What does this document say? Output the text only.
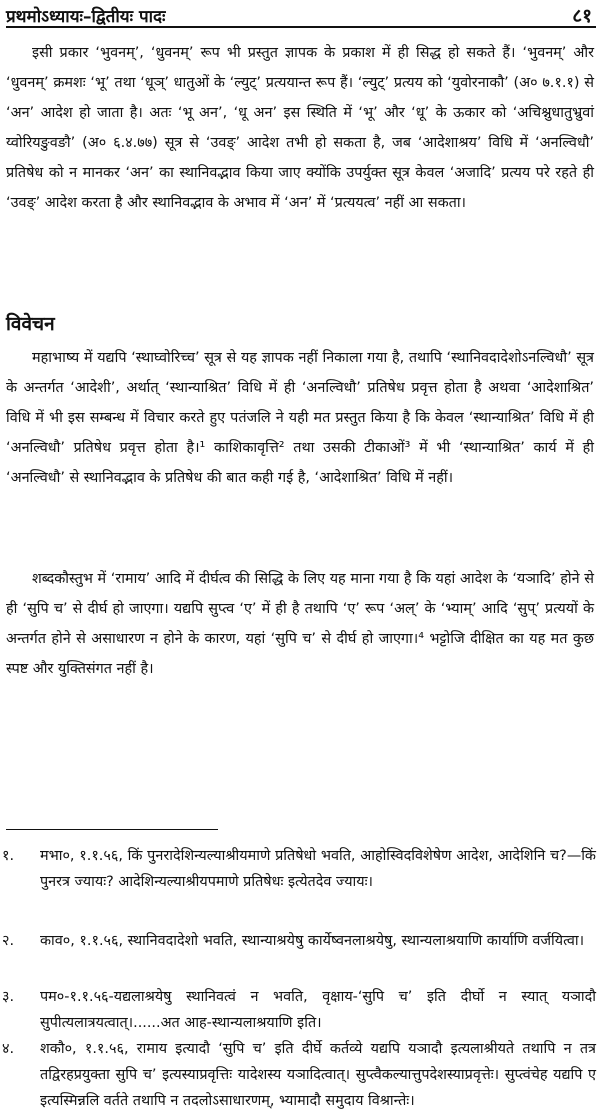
प्रथमोऽध्यायः–द्वितीयः पादः	८१

इसी प्रकार ‘भुवनम्’, ‘धुवनम्’ रूप भी प्रस्तुत ज्ञापक के प्रकाश में ही सिद्ध हो सकते हैं। ‘भुवनम्’ और ‘धुवनम्’ क्रमशः ‘भू’ तथा ‘धूञ्’ धातुओं के ‘ल्युट्’ प्रत्ययान्त रूप हैं। ‘ल्युट्’ प्रत्यय को ‘युवोरनाकौ’ (अ० ७.१.१) से ‘अन’ आदेश हो जाता है। अतः ‘भू अन’, ‘धू अन’ इस स्थिति में ‘भू’ और ‘धू’ के ऊकार को ‘अचिश्नुधातुभ्रुवां य्वोरियङुवङौ’ (अ० ६.४.७७) सूत्र से ‘उवङ्’ आदेश तभी हो सकता है, जब ‘आदेशाश्रय’ विधि में ‘अनल्विधौ’ प्रतिषेध को न मानकर ‘अन’ का स्थानिवद्भाव किया जाए क्योंकि उपर्युक्त सूत्र केवल ‘अजादि’ प्रत्यय परे रहते ही ‘उवङ्’ आदेश करता है और स्थानिवद्भाव के अभाव में ‘अन’ में ‘प्रत्ययत्व’ नहीं आ सकता।

विवेचन

महाभाष्य में यद्यपि ‘स्थाघ्वोरिच्च’ सूत्र से यह ज्ञापक नहीं निकाला गया है, तथापि ‘स्थानिवदादेशोऽनल्विधौ’ सूत्र के अन्तर्गत ‘आदेशी’, अर्थात् ‘स्थान्याश्रित’ विधि में ही ‘अनल्विधौ’ प्रतिषेध प्रवृत्त होता है अथवा ‘आदेशाश्रित’ विधि में भी इस सम्बन्ध में विचार करते हुए पतंजलि ने यही मत प्रस्तुत किया है कि केवल ‘स्थान्याश्रित’ विधि में ही ‘अनल्विधौ’ प्रतिषेध प्रवृत्त होता है।¹ काशिकावृत्ति² तथा उसकी टीकाओं³ में भी ‘स्थान्याश्रित’ कार्य में ही ‘अनल्विधौ’ से स्थानिवद्भाव के प्रतिषेध की बात कही गई है, ‘आदेशाश्रित’ विधि में नहीं।

शब्दकौस्तुभ में ‘रामाय’ आदि में दीर्घत्व की सिद्धि के लिए यह माना गया है कि यहां आदेश के ‘यञादि’ होने से ही ‘सुपि च’ से दीर्घ हो जाएगा। यद्यपि सुप्त्व ‘ए’ में ही है तथापि ‘ए’ रूप ‘अल्’ के ‘भ्याम्’ आदि ‘सुप्’ प्रत्ययों के अन्तर्गत होने से असाधारण न होने के कारण, यहां ‘सुपि च’ से दीर्घ हो जाएगा।⁴ भट्टोजि दीक्षित का यह मत कुछ स्पष्ट और युक्तिसंगत नहीं है।

१.	मभा०, १.१.५६, किं पुनरादेशिन्यल्याश्रीयमाणे प्रतिषेधो भवति, आहोस्विदविशेषेण आदेश, आदेशिनि च?—किं पुनरत्र ज्यायः? आदेशिन्यल्याश्रीयपमाणे प्रतिषेधः इत्येतदेव ज्यायः।
२.	काव०, १.१.५६, स्थानिवदादेशो भवति, स्थान्याश्रयेषु कार्येष्वनलाश्रयेषु, स्थान्यलाश्रयाणि कार्याणि वर्जयित्वा।
३.	पम०-१.१.५६-यद्यलाश्रयेषु स्थानिवत्वं न भवति, वृक्षाय-‘सुपि च’ इति दीर्घो न स्यात् यञादौ सुपीत्यलात्रयत्वात्।......अत आह-स्थान्यलाश्रयाणि इति।
४.	शकौ०, १.१.५६, रामाय इत्यादौ ‘सुपि च’ इति दीर्घे कर्तव्ये यद्यपि यञादौ इत्यलाश्रीयते तथापि न तत्र तद्विरहप्रयुक्ता सुपि च’ इत्यस्याप्रवृत्तिः यादेशस्य यञादित्वात्। सुप्त्वैकल्यात्तुपदेशस्याप्रवृत्तेः। सुप्त्वंचेह यद्यपि ए इत्यस्मिन्नलि वर्तते तथापि न तदलोऽसाधारणम्, भ्यामादौ समुदाय विश्रान्तेः।
